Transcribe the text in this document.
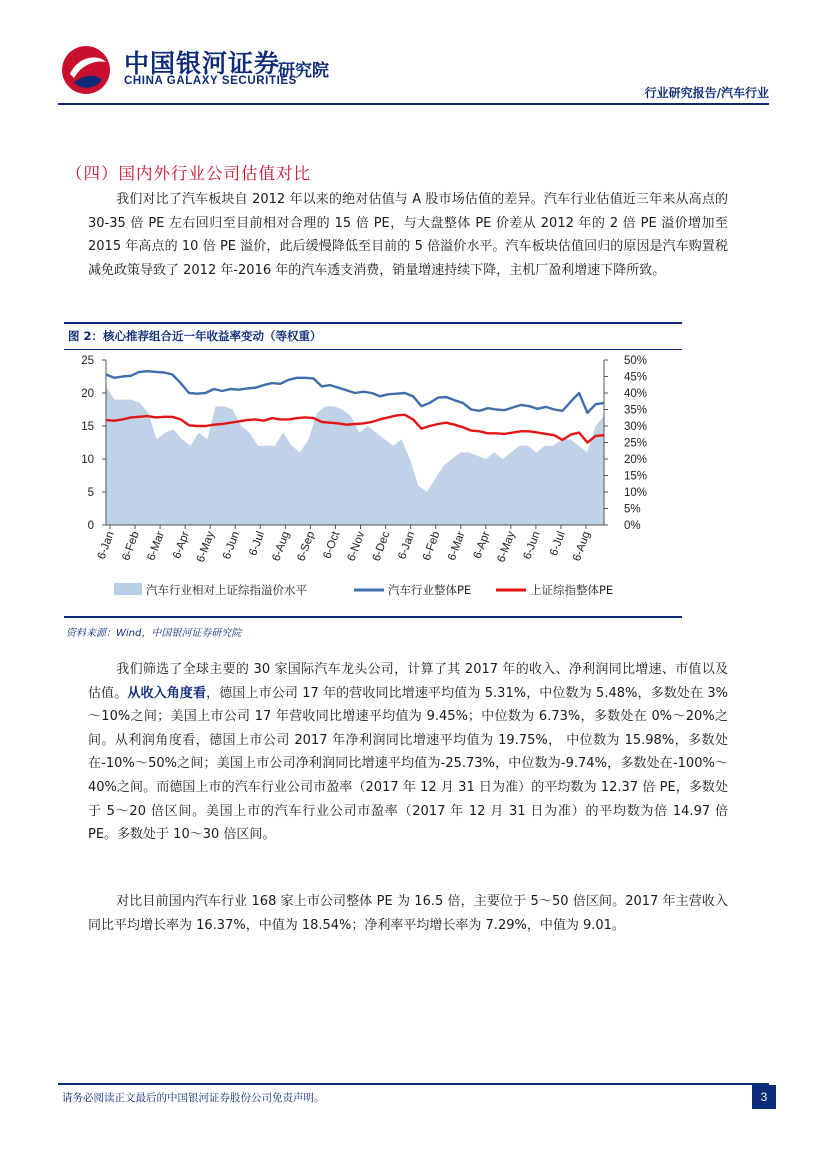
中国银河证券
CHINA GALAXY SECURITIES
研究院
行业研究报告/汽车行业
（四）国内外行业公司估值对比
我们对比了汽车板块自 2012 年以来的绝对估值与 A 股市场估值的差异。汽车行业估值近三年来从高点的 30-35 倍 PE 左右回归至目前相对合理的 15 倍 PE，与大盘整体 PE 价差从 2012 年的 2 倍 PE 溢价增加至 2015 年高点的 10 倍 PE 溢价，此后缓慢降低至目前的 5 倍溢价水平。汽车板块估值回归的原因是汽车购置税减免政策导致了 2012 年-2016 年的汽车透支消费，销量增速持续下降，主机厂盈利增速下降所致。
图 2：核心推荐组合近一年收益率变动（等权重）
0
5
10
15
20
25
0%
5%
10%
15%
20%
25%
30%
35%
40%
45%
50%
6-Jan 6-Feb 6-Mar 6-Apr 6-May 6-Jun 6-Jul 6-Aug 6-Sep 6-Oct 6-Nov 6-Dec 6-Jan 6-Feb 6-Mar 6-Apr 6-May 6-Jun 6-Jul 6-Aug
汽车行业相对上证综指溢价水平	汽车行业整体PE	上证综指整体PE
资料来源：Wind，中国银河证券研究院
我们筛选了全球主要的 30 家国际汽车龙头公司，计算了其 2017 年的收入、净利润同比增速、市值以及估值。从收入角度看，德国上市公司 17 年的营收同比增速平均值为 5.31%，中位数为 5.48%，多数处在 3%～10%之间；美国上市公司 17 年营收同比增速平均值为 9.45%；中位数为 6.73%，多数处在 0%～20%之间。从利润角度看，德国上市公司 2017 年净利润同比增速平均值为 19.75%， 中位数为 15.98%，多数处在-10%～50%之间；美国上市公司净利润同比增速平均值为-25.73%，中位数为-9.74%，多数处在-100%～40%之间。而德国上市的汽车行业公司市盈率（2017 年 12 月 31 日为准）的平均数为 12.37 倍 PE，多数处于 5～20 倍区间。美国上市的汽车行业公司市盈率（2017 年 12 月 31 日为准）的平均数为倍 14.97 倍 PE。多数处于 10～30 倍区间。
对比目前国内汽车行业 168 家上市公司整体 PE 为 16.5 倍，主要位于 5～50 倍区间。2017 年主营收入同比平均增长率为 16.37%，中值为 18.54%；净利率平均增长率为 7.29%，中值为 9.01。
请务必阅读正文最后的中国银河证券股份公司免责声明。	3
